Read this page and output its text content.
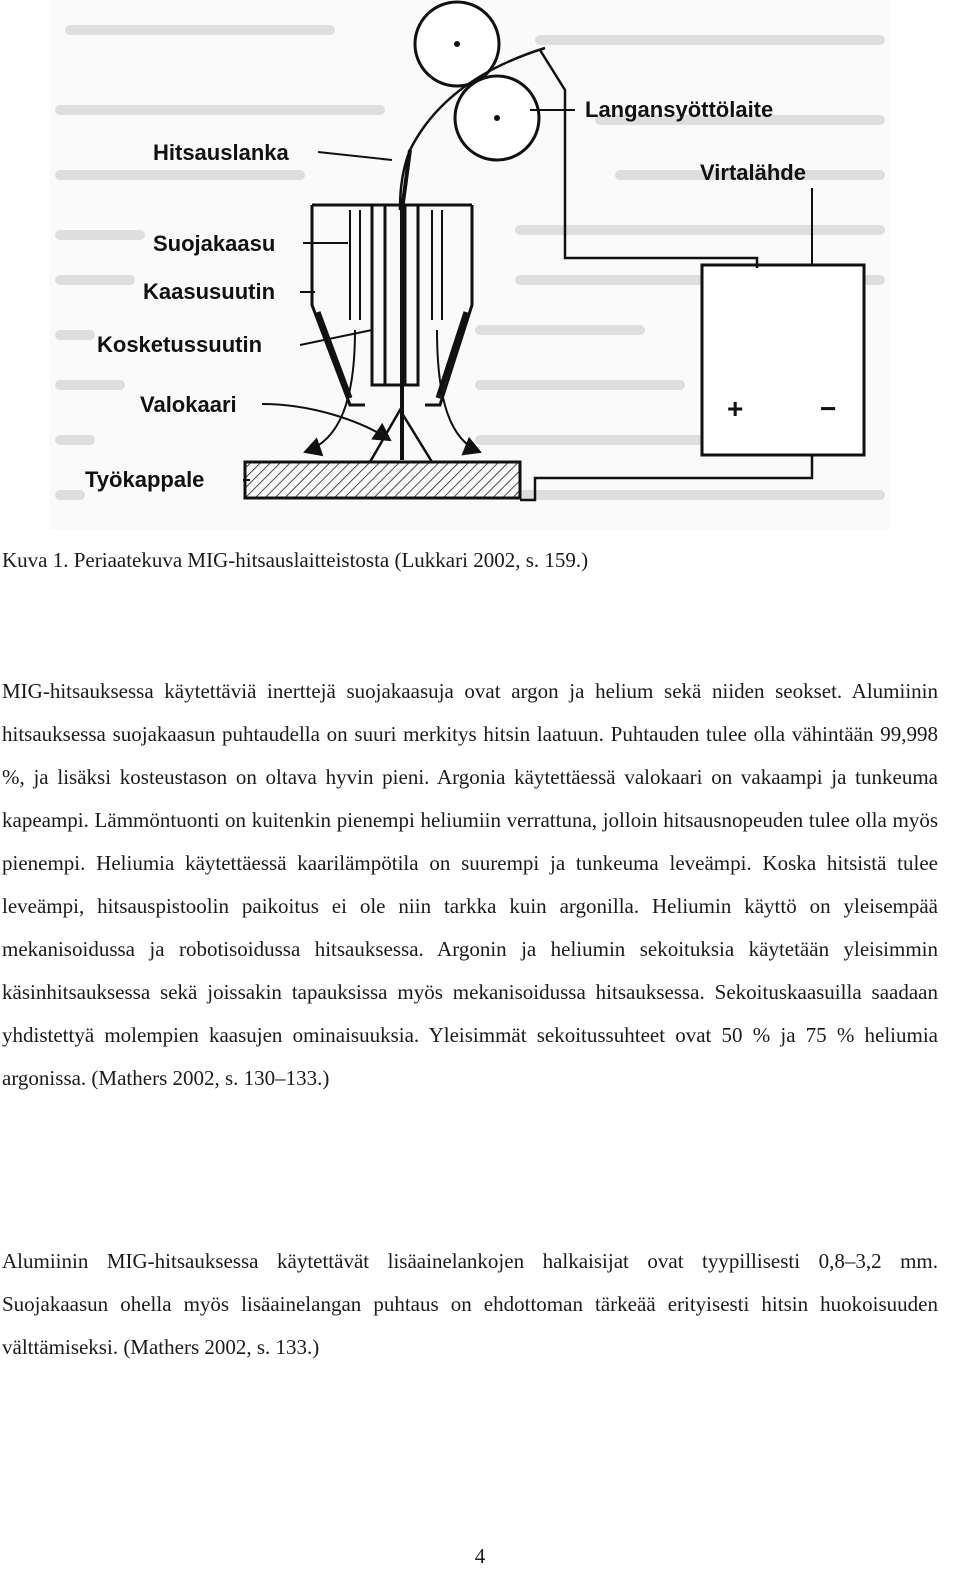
+	−
Langansyöttölaite
Virtalähde
Hitsauslanka
Suojakaasu
Kaasusuutin
Kosketussuutin
Valokaari
Työkappale
Kuva 1. Periaatekuva MIG-hitsauslaitteistosta (Lukkari 2002, s. 159.)

MIG-hitsauksessa käytettäviä inerttejä suojakaasuja ovat argon ja helium sekä niiden seokset. Alumiinin hitsauksessa suojakaasun puhtaudella on suuri merkitys hitsin laatuun. Puhtauden tulee olla vähintään 99,998 %, ja lisäksi kosteustason on oltava hyvin pieni. Argonia käytettäessä valokaari on vakaampi ja tunkeuma kapeampi. Lämmöntuonti on kuitenkin pienempi heliumiin verrattuna, jolloin hitsausnopeuden tulee olla myös pienempi. Heliumia käytettäessä kaarilämpötila on suurempi ja tunkeuma leveämpi. Koska hitsistä tulee leveämpi, hitsauspistoolin paikoitus ei ole niin tarkka kuin argonilla. Heliumin käyttö on yleisempää mekanisoidussa ja robotisoidussa hitsauksessa. Argonin ja heliumin sekoituksia käytetään yleisimmin käsinhitsauksessa sekä joissakin tapauksissa myös mekanisoidussa hitsauksessa. Sekoituskaasuilla saadaan yhdistettyä molempien kaasujen ominaisuuksia. Yleisimmät sekoitussuhteet ovat 50 % ja 75 % heliumia argonissa. (Mathers 2002, s. 130–133.)

Alumiinin MIG-hitsauksessa käytettävät lisäainelankojen halkaisijat ovat tyypillisesti 0,8–3,2 mm. Suojakaasun ohella myös lisäainelangan puhtaus on ehdottoman tärkeää erityisesti hitsin huokoisuuden välttämiseksi. (Mathers 2002, s. 133.)

4
